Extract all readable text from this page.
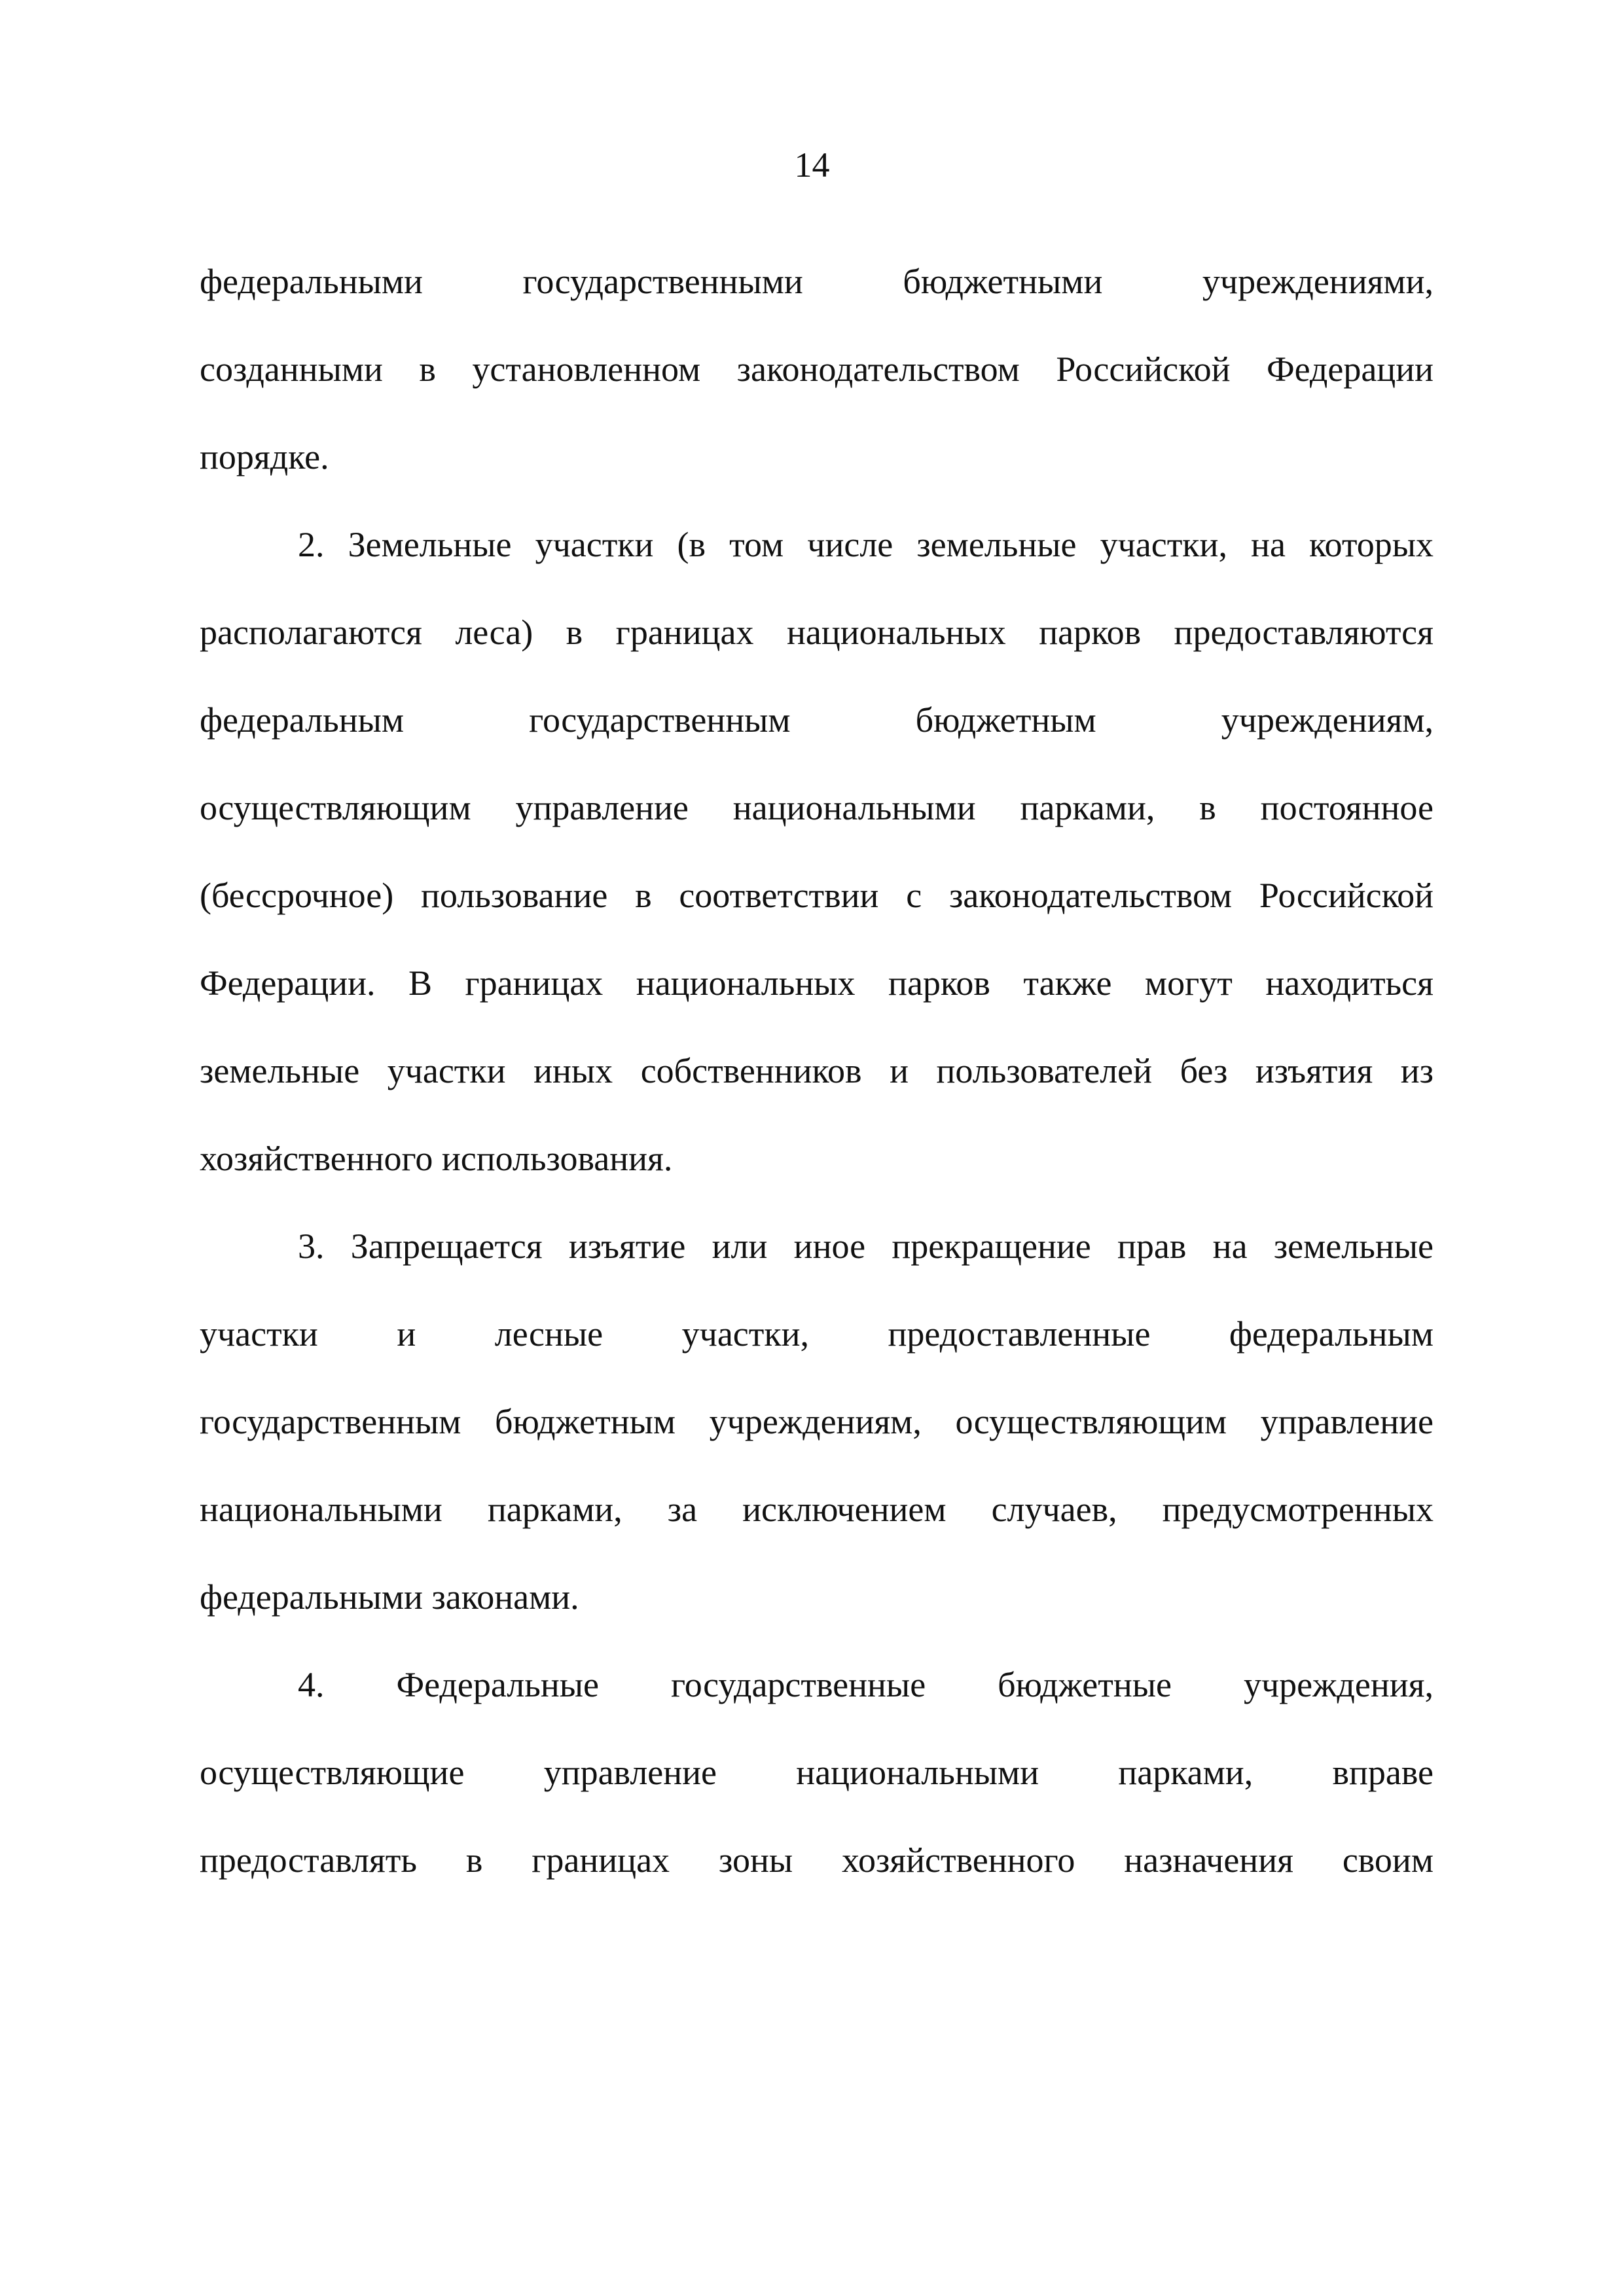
14
федеральными государственными бюджетными учреждениями,
созданными в установленном законодательством Российской Федерации
порядке.
2. Земельные участки (в том числе земельные участки, на которых
располагаются леса) в границах национальных парков предоставляются
федеральным государственным бюджетным учреждениям,
осуществляющим управление национальными парками, в постоянное
(бессрочное) пользование в соответствии с законодательством Российской
Федерации. В границах национальных парков также могут находиться
земельные участки иных собственников и пользователей без изъятия из
хозяйственного использования.
3. Запрещается изъятие или иное прекращение прав на земельные
участки и лесные участки, предоставленные федеральным
государственным бюджетным учреждениям, осуществляющим управление
национальными парками, за исключением случаев, предусмотренных
федеральными законами.
4. Федеральные государственные бюджетные учреждения,
осуществляющие управление национальными парками, вправе
предоставлять в границах зоны хозяйственного назначения своим
